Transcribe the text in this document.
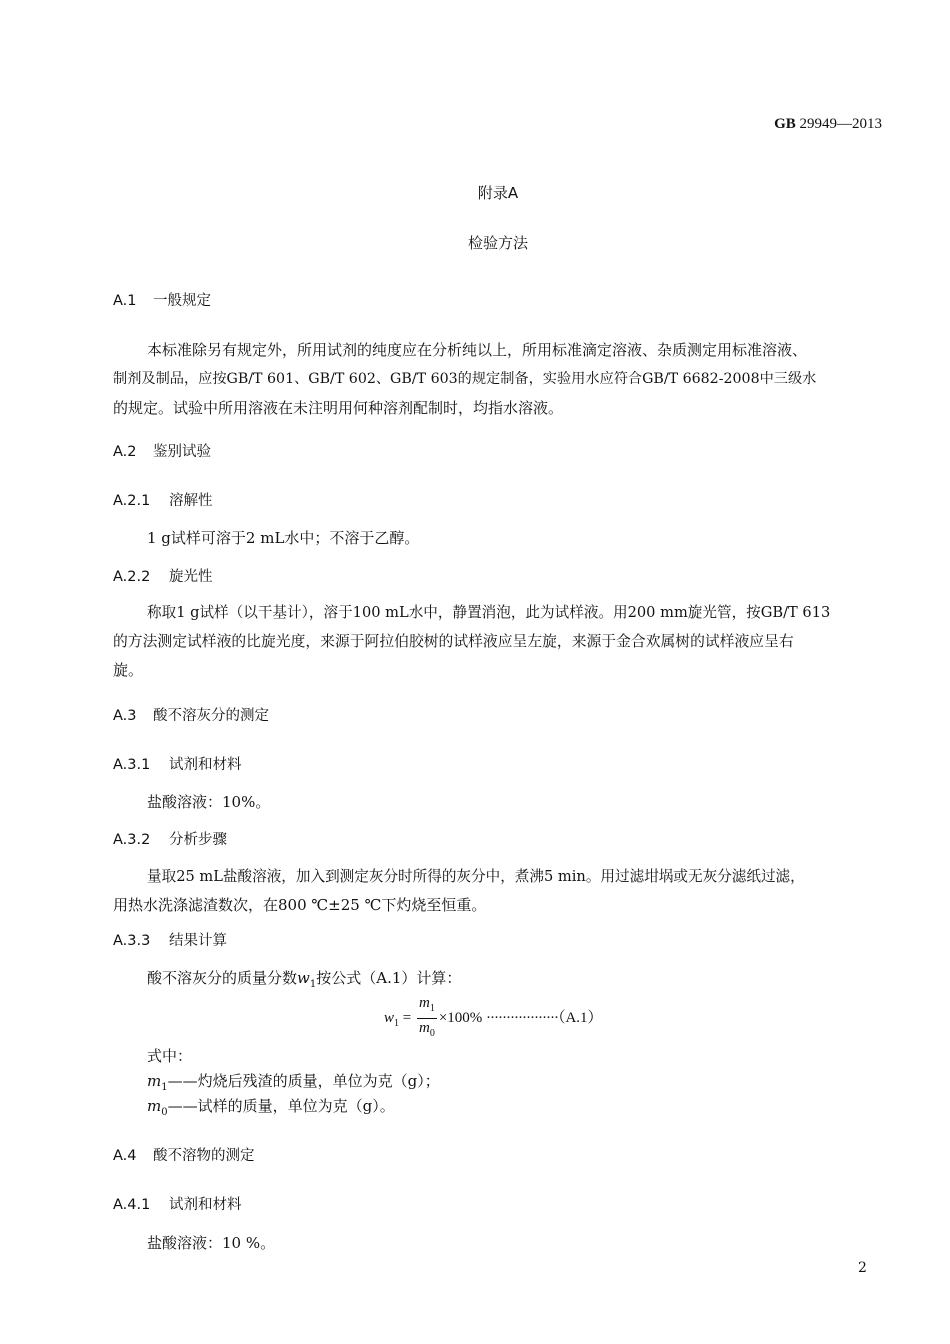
GB 29949—2013
附录A
检验方法
A.1 一般规定
本标准除另有规定外，所用试剂的纯度应在分析纯以上，所用标准滴定溶液、杂质测定用标准溶液、
制剂及制品，应按GB/T 601、GB/T 602、GB/T 603的规定制备，实验用水应符合GB/T 6682-2008中三级水
的规定。试验中所用溶液在未注明用何种溶剂配制时，均指水溶液。
A.2 鉴别试验
A.2.1 溶解性
1 g试样可溶于2 mL水中；不溶于乙醇。
A.2.2 旋光性
称取1 g试样（以干基计），溶于100 mL水中，静置消泡，此为试样液。用200 mm旋光管，按GB/T 613
的方法测定试样液的比旋光度，来源于阿拉伯胶树的试样液应呈左旋，来源于金合欢属树的试样液应呈右
旋。
A.3 酸不溶灰分的测定
A.3.1 试剂和材料
盐酸溶液：10%。
A.3.2 分析步骤
量取25 mL盐酸溶液，加入到测定灰分时所得的灰分中，煮沸5 min。用过滤坩埚或无灰分滤纸过滤，
用热水洗涤滤渣数次，在800 ℃±25 ℃下灼烧至恒重。
A.3.3 结果计算
酸不溶灰分的质量分数$w_1$按公式（A.1）计算：
$w_1 = \frac{m_1}{m_0} \times 100\% \cdot\cdot\cdot\cdot\cdot\cdot\cdot\cdot\cdot\cdot\cdot\cdot\cdot\cdot\cdot\cdot\cdot\cdot(A.1)$
式中：
$m_1——$灼烧后残渣的质量，单位为克（g）；
$m_0——$试样的质量，单位为克（g）。
A.4 酸不溶物的测定
A.4.1 试剂和材料
盐酸溶液：10 %。
2
